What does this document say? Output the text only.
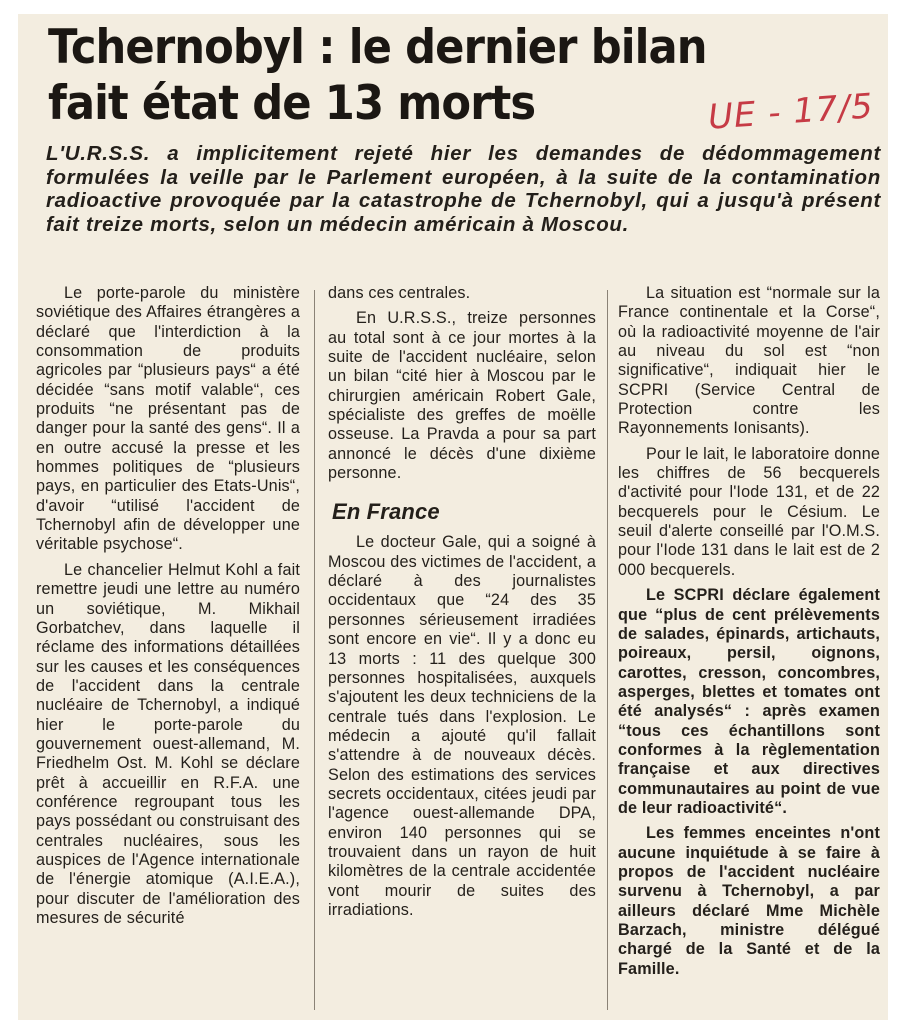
Tchernobyl : le dernier bilan
fait état de 13 morts	UE - 17/5
L'U.R.S.S. a implicitement rejeté hier les demandes de dédommagement formulées la veille par le Parlement européen, à la suite de la contamination radioactive provoquée par la catastrophe de Tchernobyl, qui a jusqu'à présent fait treize morts, selon un médecin américain à Moscou.

Le porte-parole du ministère soviétique des Affaires étrangères a déclaré que l'interdiction à la consommation de produits agricoles par “plusieurs pays“ a été décidée “sans motif valable“, ces produits “ne présentant pas de danger pour la santé des gens“. Il a en outre accusé la presse et les hommes politiques de “plusieurs pays, en particulier des Etats-Unis“, d'avoir “utilisé l'accident de Tchernobyl afin de développer une véritable psychose“.

Le chancelier Helmut Kohl a fait remettre jeudi une lettre au numéro un soviétique, M. Mikhail Gorbatchev, dans laquelle il réclame des informations détaillées sur les causes et les conséquences de l'accident dans la centrale nucléaire de Tchernobyl, a indiqué hier le porte-parole du gouvernement ouest-allemand, M. Friedhelm Ost. M. Kohl se déclare prêt à accueillir en R.F.A. une conférence regroupant tous les pays possédant ou construisant des centrales nucléaires, sous les auspices de l'Agence internationale de l'énergie atomique (A.I.E.A.), pour discuter de l'amélioration des mesures de sécurité

dans ces centrales.

En U.R.S.S., treize personnes au total sont à ce jour mortes à la suite de l'accident nucléaire, selon un bilan “cité hier à Moscou par le chirurgien américain Robert Gale, spécialiste des greffes de moëlle osseuse. La Pravda a pour sa part annoncé le décès d'une dixième personne.

En France

Le docteur Gale, qui a soigné à Moscou des victimes de l'accident, a déclaré à des journalistes occidentaux que “24 des 35 personnes sérieusement irradiées sont encore en vie“. Il y a donc eu 13 morts : 11 des quelque 300 personnes hospitalisées, auxquels s'ajoutent les deux techniciens de la centrale tués dans l'explosion. Le médecin a ajouté qu'il fallait s'attendre à de nouveaux décès. Selon des estimations des services secrets occidentaux, citées jeudi par l'agence ouest-allemande DPA, environ 140 personnes qui se trouvaient dans un rayon de huit kilomètres de la centrale accidentée vont mourir de suites des irradiations.

La situation est “normale sur la France continentale et la Corse“, où la radioactivité moyenne de l'air au niveau du sol est “non significative“, indiquait hier le SCPRI (Service Central de Protection contre les Rayonnements Ionisants).

Pour le lait, le laboratoire donne les chiffres de 56 becquerels d'activité pour l'Iode 131, et de 22 becquerels pour le Césium. Le seuil d'alerte conseillé par l'O.M.S. pour l'Iode 131 dans le lait est de 2 000 becquerels.

Le SCPRI déclare également que “plus de cent prélèvements de salades, épinards, artichauts, poireaux, persil, oignons, carottes, cresson, concombres, asperges, blettes et tomates ont été analysés“ : après examen “tous ces échantillons sont conformes à la règlementation française et aux directives communautaires au point de vue de leur radioactivité“.

Les femmes enceintes n'ont aucune inquiétude à se faire à propos de l'accident nucléaire survenu à Tchernobyl, a par ailleurs déclaré Mme Michèle Barzach, ministre délégué chargé de la Santé et de la Famille.
